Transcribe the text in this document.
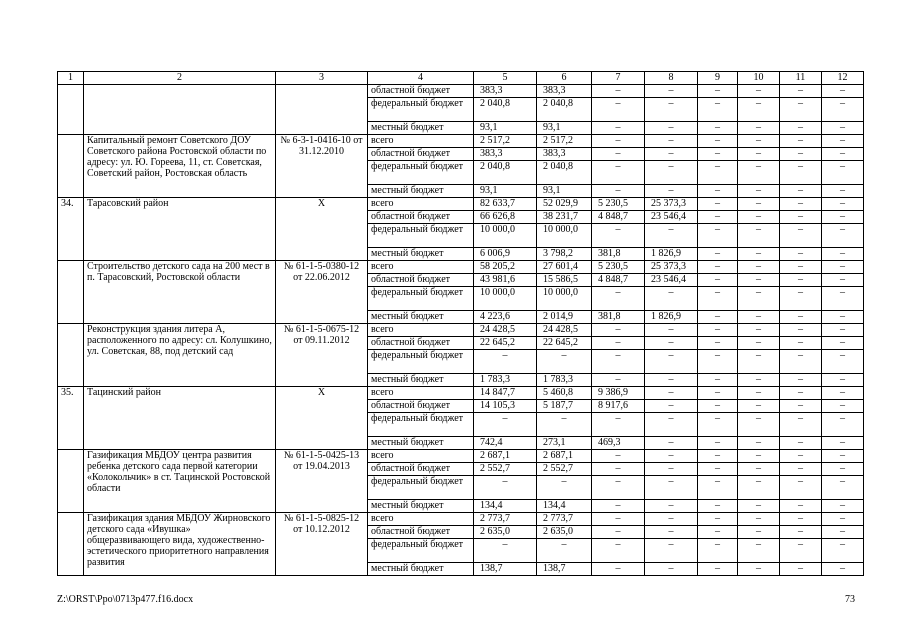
1	2	3	4	5	6	7	8	9	10	11	12
			областной бюджет	383,3	383,3	–	–	–	–	–	–
			федеральный бюджет	2 040,8	2 040,8	–	–	–	–	–	–
			местный бюджет	93,1	93,1	–	–	–	–	–	–
	Капитальный ремонт Советского ДОУ Советского района Ростовской области по адресу: ул. Ю. Гореева, 11, ст. Советская, Советский район, Ростовская область	№ 6-3-1-0416-10 от 31.12.2010	всего	2 517,2	2 517,2	–	–	–	–	–	–
			областной бюджет	383,3	383,3	–	–	–	–	–	–
			федеральный бюджет	2 040,8	2 040,8	–	–	–	–	–	–
			местный бюджет	93,1	93,1	–	–	–	–	–	–
34.	Тарасовский район	Х	всего	82 633,7	52 029,9	5 230,5	25 373,3	–	–	–	–
			областной бюджет	66 626,8	38 231,7	4 848,7	23 546,4	–	–	–	–
			федеральный бюджет	10 000,0	10 000,0	–	–	–	–	–	–
			местный бюджет	6 006,9	3 798,2	381,8	1 826,9	–	–	–	–
	Строительство детского сада на 200 мест в п. Тарасовский, Ростовской области	№ 61-1-5-0380-12 от 22.06.2012	всего	58 205,2	27 601,4	5 230,5	25 373,3	–	–	–	–
			областной бюджет	43 981,6	15 586,5	4 848,7	23 546,4	–	–	–	–
			федеральный бюджет	10 000,0	10 000,0	–	–	–	–	–	–
			местный бюджет	4 223,6	2 014,9	381,8	1 826,9	–	–	–	–
	Реконструкция здания литера А, расположенного по адресу: сл. Колушкино, ул. Советская, 88, под детский сад	№ 61-1-5-0675-12 от 09.11.2012	всего	24 428,5	24 428,5	–	–	–	–	–	–
			областной бюджет	22 645,2	22 645,2	–	–	–	–	–	–
			федеральный бюджет	–	–	–	–	–	–	–	–
			местный бюджет	1 783,3	1 783,3	–	–	–	–	–	–
35.	Тацинский район	Х	всего	14 847,7	5 460,8	9 386,9	–	–	–	–	–
			областной бюджет	14 105,3	5 187,7	8 917,6	–	–	–	–	–
			федеральный бюджет	–	–	–	–	–	–	–	–
			местный бюджет	742,4	273,1	469,3	–	–	–	–	–
	Газификация МБДОУ центра развития ребенка детского сада первой категории «Колокольчик» в ст. Тацинской Ростовской области	№ 61-1-5-0425-13 от 19.04.2013	всего	2 687,1	2 687,1	–	–	–	–	–	–
			областной бюджет	2 552,7	2 552,7	–	–	–	–	–	–
			федеральный бюджет	–	–	–	–	–	–	–	–
			местный бюджет	134,4	134,4	–	–	–	–	–	–
	Газификация здания МБДОУ Жирновского детского сада «Ивушка» общеразвивающего вида, художественно-эстетического приоритетного направления развития	№ 61-1-5-0825-12 от 10.12.2012	всего	2 773,7	2 773,7	–	–	–	–	–	–
			областной бюджет	2 635,0	2 635,0	–	–	–	–	–	–
			федеральный бюджет	–	–	–	–	–	–	–	–
			местный бюджет	138,7	138,7	–	–	–	–	–	–
Z:\ORST\Ppo\0713p477.f16.docx	73
